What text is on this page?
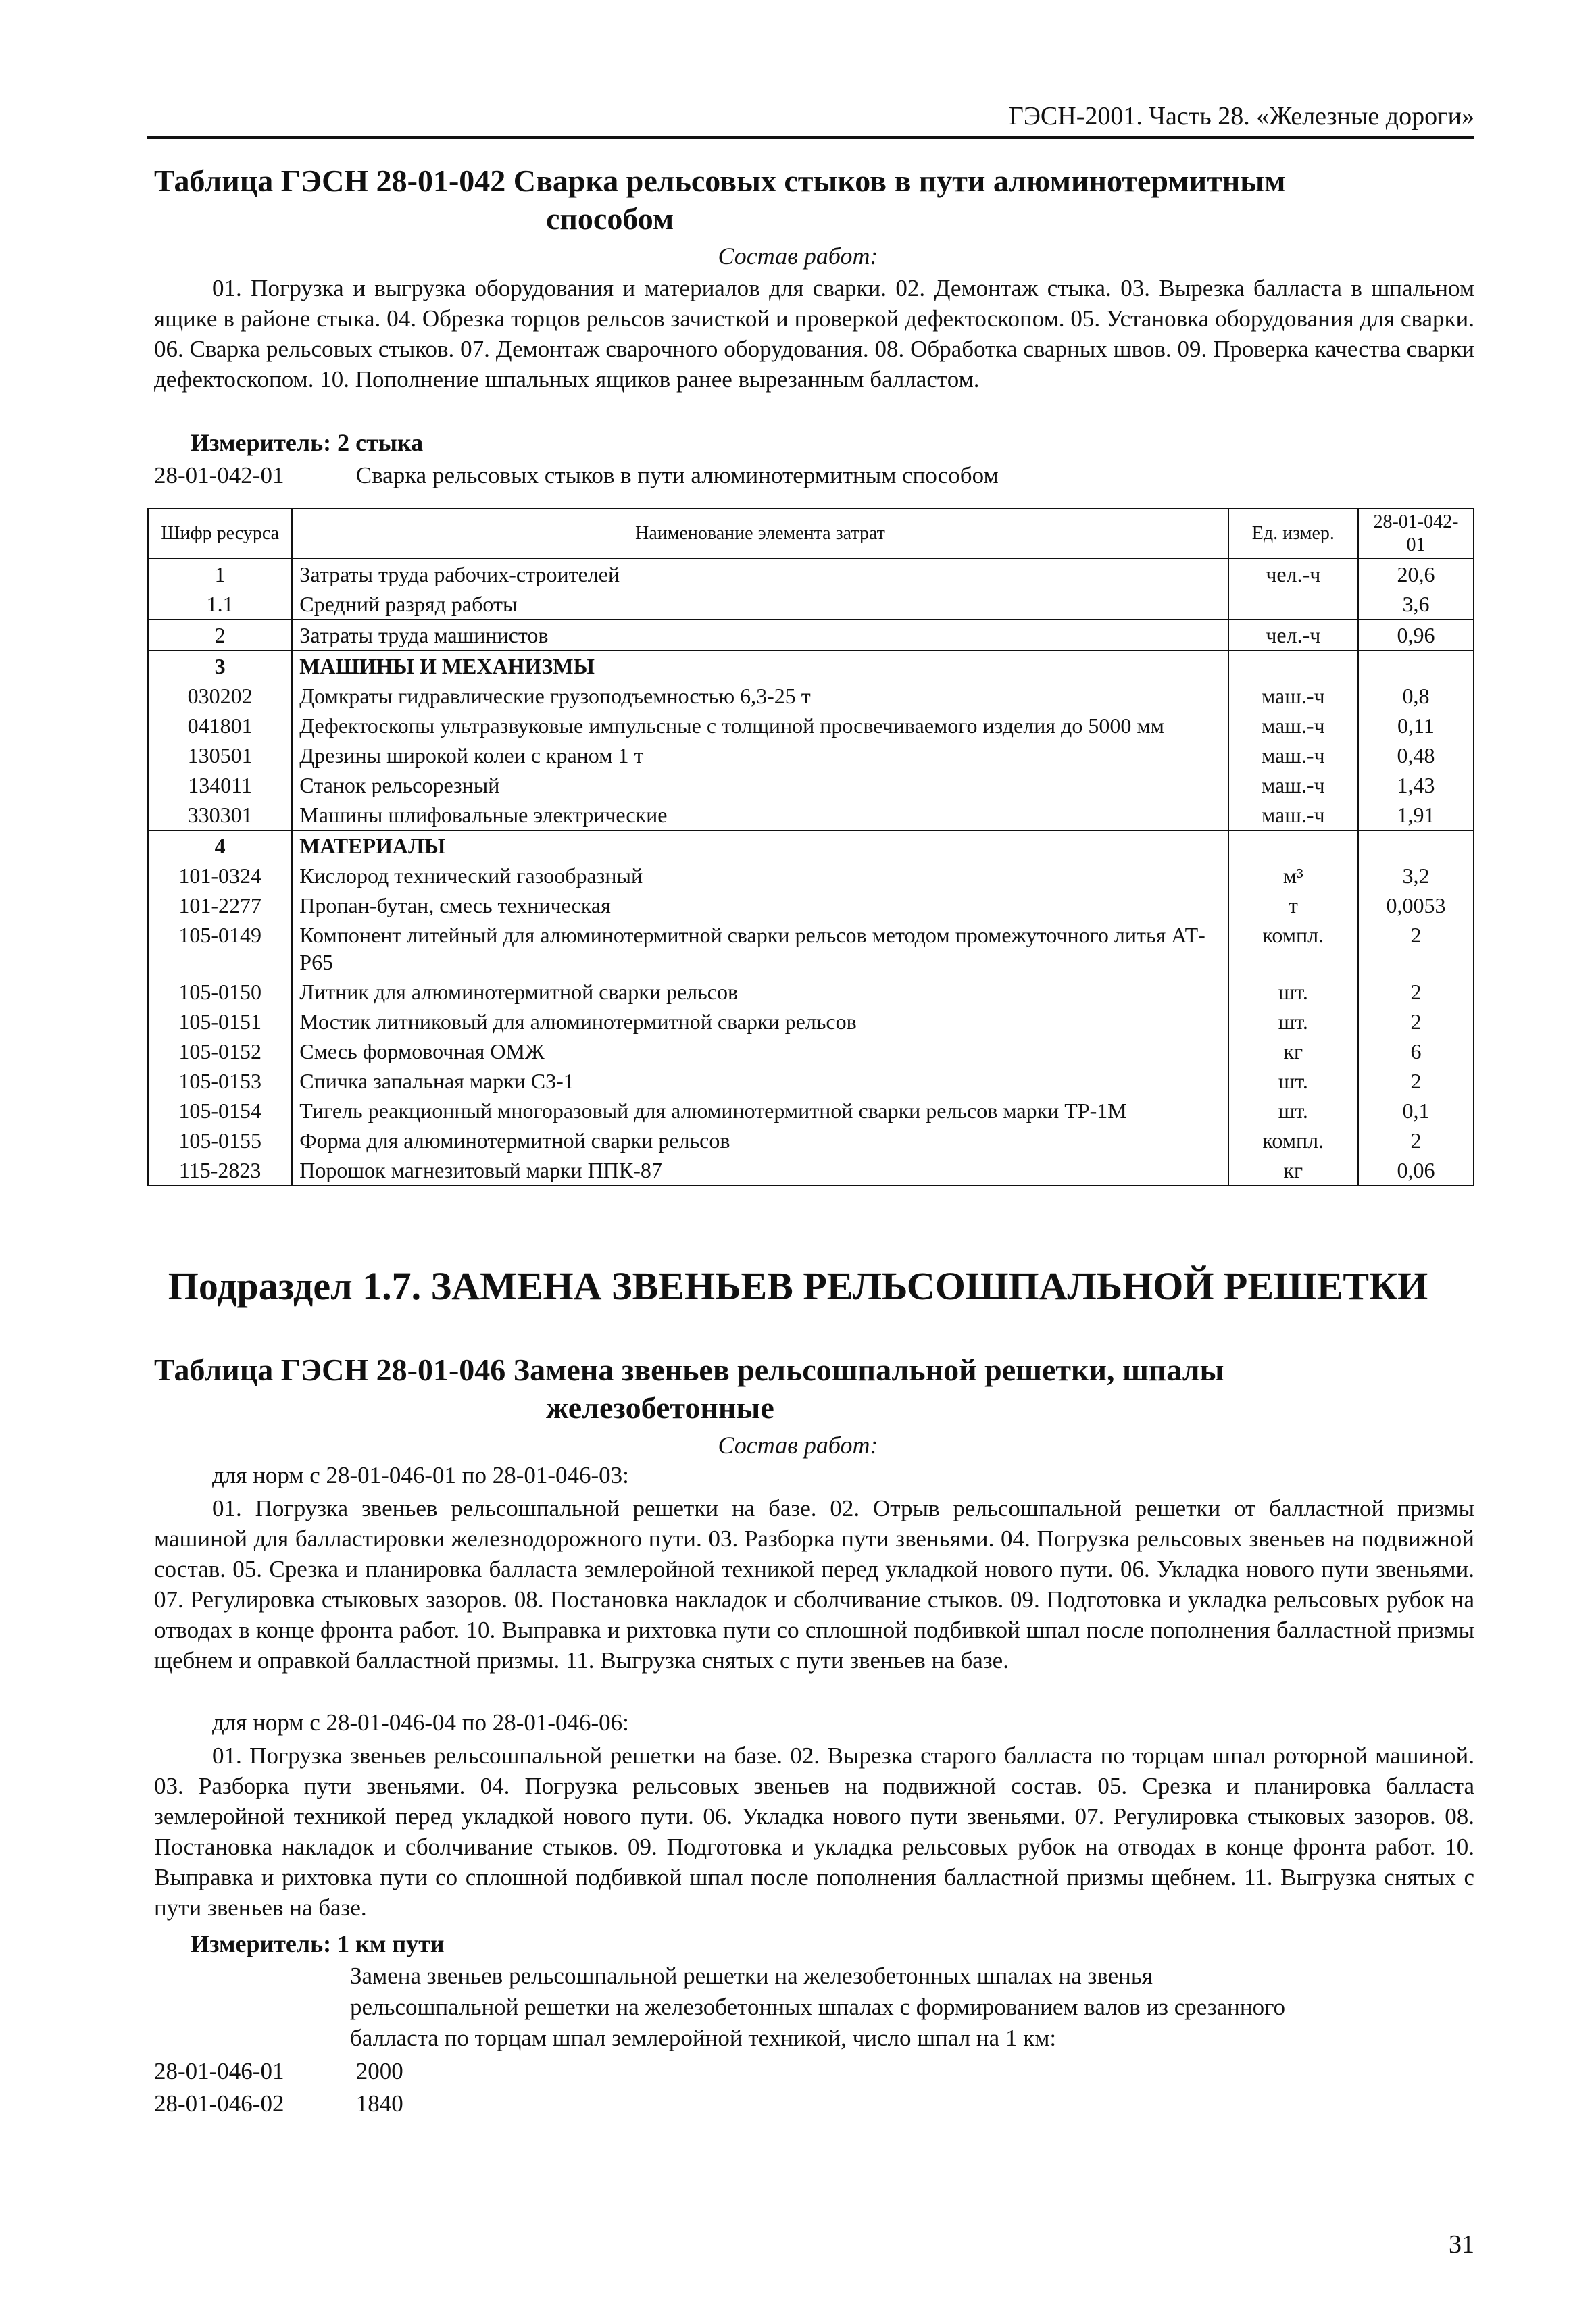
ГЭСН-2001. Часть 28. «Железные дороги»
Таблица ГЭСН 28-01-042 Сварка рельсовых стыков в пути алюминотермитным
способом
Состав работ:
01. Погрузка и выгрузка оборудования и материалов для сварки. 02. Демонтаж стыка. 03. Вырезка балласта в шпальном ящике в районе стыка. 04. Обрезка торцов рельсов зачисткой и проверкой дефектоскопом. 05. Установка оборудования для сварки. 06. Сварка рельсовых стыков. 07. Демонтаж сварочного оборудования. 08. Обработка сварных швов. 09. Проверка качества сварки дефектоскопом. 10. Пополнение шпальных ящиков ранее вырезанным балластом.
Измеритель: 2 стыка
28-01-042-01	Сварка рельсовых стыков в пути алюминотермитным способом
Шифр ресурса	Наименование элемента затрат	Ед. измер.	28-01-042-01
1	Затраты труда рабочих-строителей	чел.-ч	20,6
1.1	Средний разряд работы		3,6
2	Затраты труда машинистов	чел.-ч	0,96
3	МАШИНЫ И МЕХАНИЗМЫ		
030202	Домкраты гидравлические грузоподъемностью 6,3-25 т	маш.-ч	0,8
041801	Дефектоскопы ультразвуковые импульсные с толщиной просвечиваемого изделия до 5000 мм	маш.-ч	0,11
130501	Дрезины широкой колеи с краном 1 т	маш.-ч	0,48
134011	Станок рельсорезный	маш.-ч	1,43
330301	Машины шлифовальные электрические	маш.-ч	1,91
4	МАТЕРИАЛЫ		
101-0324	Кислород технический газообразный	м³	3,2
101-2277	Пропан-бутан, смесь техническая	т	0,0053
105-0149	Компонент литейный для алюминотермитной сварки рельсов методом промежуточного литья АТ-Р65	компл.	2
105-0150	Литник для алюминотермитной сварки рельсов	шт.	2
105-0151	Мостик литниковый для алюминотермитной сварки рельсов	шт.	2
105-0152	Смесь формовочная ОМЖ	кг	6
105-0153	Спичка запальная марки СЗ-1	шт.	2
105-0154	Тигель реакционный многоразовый для алюминотермитной сварки рельсов марки ТР-1М	шт.	0,1
105-0155	Форма для алюминотермитной сварки рельсов	компл.	2
115-2823	Порошок магнезитовый марки ППК-87	кг	0,06
Подраздел 1.7. ЗАМЕНА ЗВЕНЬЕВ РЕЛЬСОШПАЛЬНОЙ РЕШЕТКИ
Таблица ГЭСН 28-01-046 Замена звеньев рельсошпальной решетки, шпалы
железобетонные
Состав работ:
для норм с 28-01-046-01 по 28-01-046-03:
01. Погрузка звеньев рельсошпальной решетки на базе. 02. Отрыв рельсошпальной решетки от балластной призмы машиной для балластировки железнодорожного пути. 03. Разборка пути звеньями. 04. Погрузка рельсовых звеньев на подвижной состав. 05. Срезка и планировка балласта землеройной техникой перед укладкой нового пути. 06. Укладка нового пути звеньями. 07. Регулировка стыковых зазоров. 08. Постановка накладок и сболчивание стыков. 09. Подготовка и укладка рельсовых рубок на отводах в конце фронта работ. 10. Выправка и рихтовка пути со сплошной подбивкой шпал после пополнения балластной призмы щебнем и оправкой балластной призмы. 11. Выгрузка снятых с пути звеньев на базе.
для норм с 28-01-046-04 по 28-01-046-06:
01. Погрузка звеньев рельсошпальной решетки на базе. 02. Вырезка старого балласта по торцам шпал роторной машиной. 03. Разборка пути звеньями. 04. Погрузка рельсовых звеньев на подвижной состав. 05. Срезка и планировка балласта землеройной техникой перед укладкой нового пути. 06. Укладка нового пути звеньями. 07. Регулировка стыковых зазоров. 08. Постановка накладок и сболчивание стыков. 09. Подготовка и укладка рельсовых рубок на отводах в конце фронта работ. 10. Выправка и рихтовка пути со сплошной подбивкой шпал после пополнения балластной призмы щебнем. 11. Выгрузка снятых с пути звеньев на базе.
Измеритель: 1 км пути
Замена звеньев рельсошпальной решетки на железобетонных шпалах на звенья
рельсошпальной решетки на железобетонных шпалах с формированием валов из срезанного
балласта по торцам шпал землеройной техникой, число шпал на 1 км:
28-01-046-01	2000
28-01-046-02	1840
31
